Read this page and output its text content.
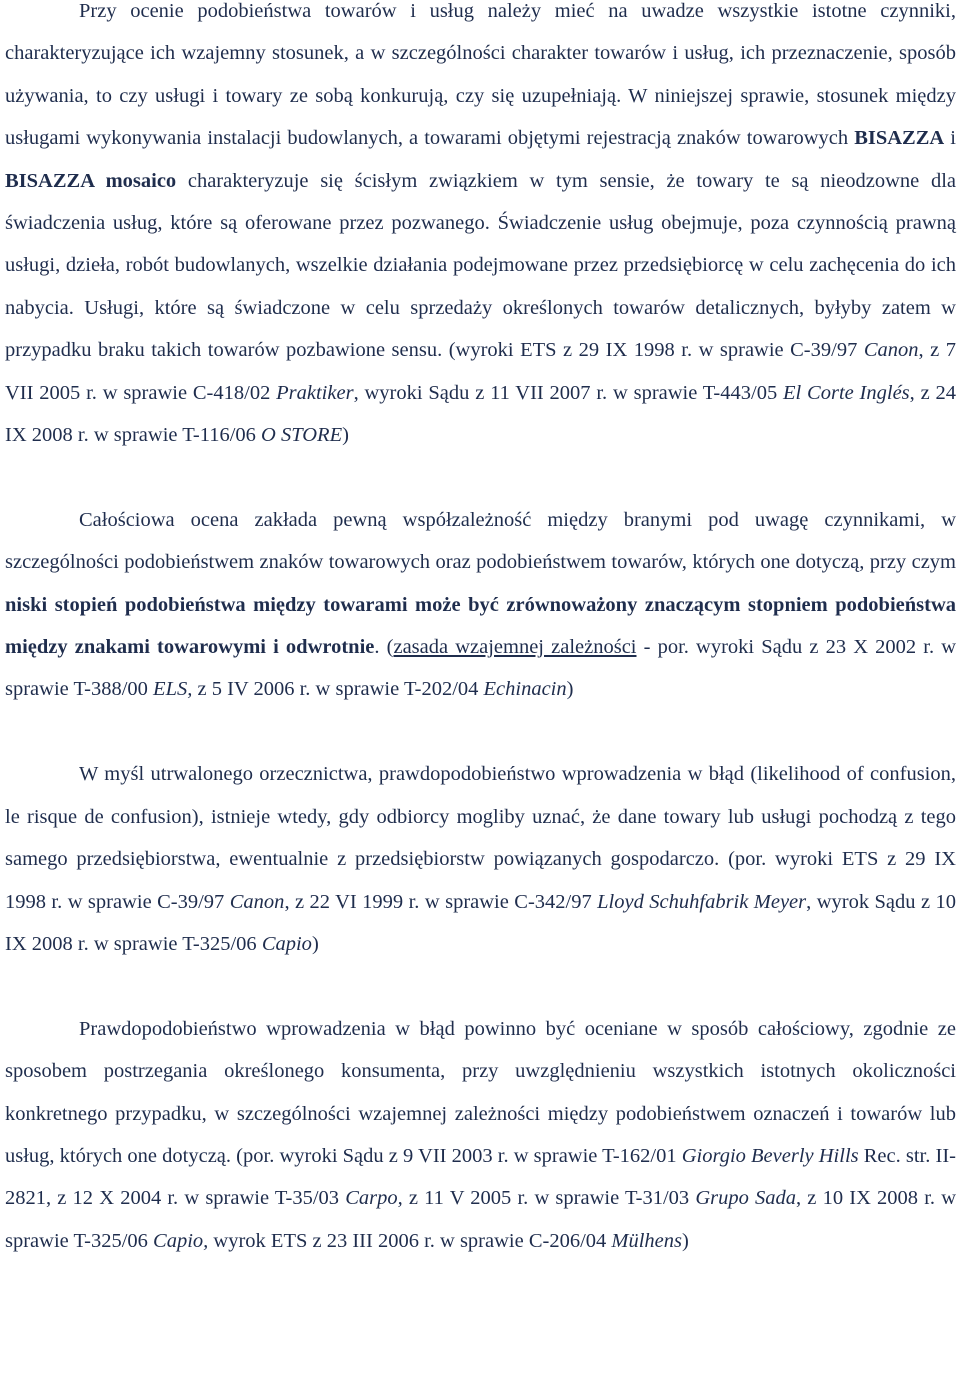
Przy ocenie podobieństwa towarów i usług należy mieć na uwadze wszystkie istotne czynniki, charakteryzujące ich wzajemny stosunek, a w szczególności charakter towarów i usług, ich przeznaczenie, sposób używania, to czy usługi i towary ze sobą konkurują, czy się uzupełniają. W niniejszej sprawie, stosunek między usługami wykonywania instalacji budowlanych, a towarami objętymi rejestracją znaków towarowych BISAZZA i BISAZZA mosaico charakteryzuje się ścisłym związkiem w tym sensie, że towary te są nieodzowne dla świadczenia usług, które są oferowane przez pozwanego. Świadczenie usług obejmuje, poza czynnością prawną usługi, dzieła, robót budowlanych, wszelkie działania podejmowane przez przedsiębiorcę w celu zachęcenia do ich nabycia. Usługi, które są świadczone w celu sprzedaży określonych towarów detalicznych, byłyby zatem w przypadku braku takich towarów pozbawione sensu. (wyroki ETS z 29 IX 1998 r. w sprawie C-39/97 Canon, z 7 VII 2005 r. w sprawie C-418/02 Praktiker, wyroki Sądu z 11 VII 2007 r. w sprawie T-443/05 El Corte Inglés, z 24 IX 2008 r. w sprawie T-116/06 O STORE)

Całościowa ocena zakłada pewną współzależność między branymi pod uwagę czynnikami, w szczególności podobieństwem znaków towarowych oraz podobieństwem towarów, których one dotyczą, przy czym niski stopień podobieństwa między towarami może być zrównoważony znaczącym stopniem podobieństwa między znakami towarowymi i odwrotnie. (zasada wzajemnej zależności - por. wyroki Sądu z 23 X 2002 r. w sprawie T-388/00 ELS, z 5 IV 2006 r. w sprawie T-202/04 Echinacin)

W myśl utrwalonego orzecznictwa, prawdopodobieństwo wprowadzenia w błąd (likelihood of confusion, le risque de confusion), istnieje wtedy, gdy odbiorcy mogliby uznać, że dane towary lub usługi pochodzą z tego samego przedsiębiorstwa, ewentualnie z przedsiębiorstw powiązanych gospodarczo. (por. wyroki ETS z 29 IX 1998 r. w sprawie C-39/97 Canon, z 22 VI 1999 r. w sprawie C-342/97 Lloyd Schuhfabrik Meyer, wyrok Sądu z 10 IX 2008 r. w sprawie T-325/06 Capio)

Prawdopodobieństwo wprowadzenia w błąd powinno być oceniane w sposób całościowy, zgodnie ze sposobem postrzegania określonego konsumenta, przy uwzględnieniu wszystkich istotnych okoliczności konkretnego przypadku, w szczególności wzajemnej zależności między podobieństwem oznaczeń i towarów lub usług, których one dotyczą. (por. wyroki Sądu z 9 VII 2003 r. w sprawie T-162/01 Giorgio Beverly Hills Rec. str. II-2821, z 12 X 2004 r. w sprawie T-35/03 Carpo, z 11 V 2005 r. w sprawie T-31/03 Grupo Sada, z 10 IX 2008 r. w sprawie T-325/06 Capio, wyrok ETS z 23 III 2006 r. w sprawie C-206/04 Mülhens)
